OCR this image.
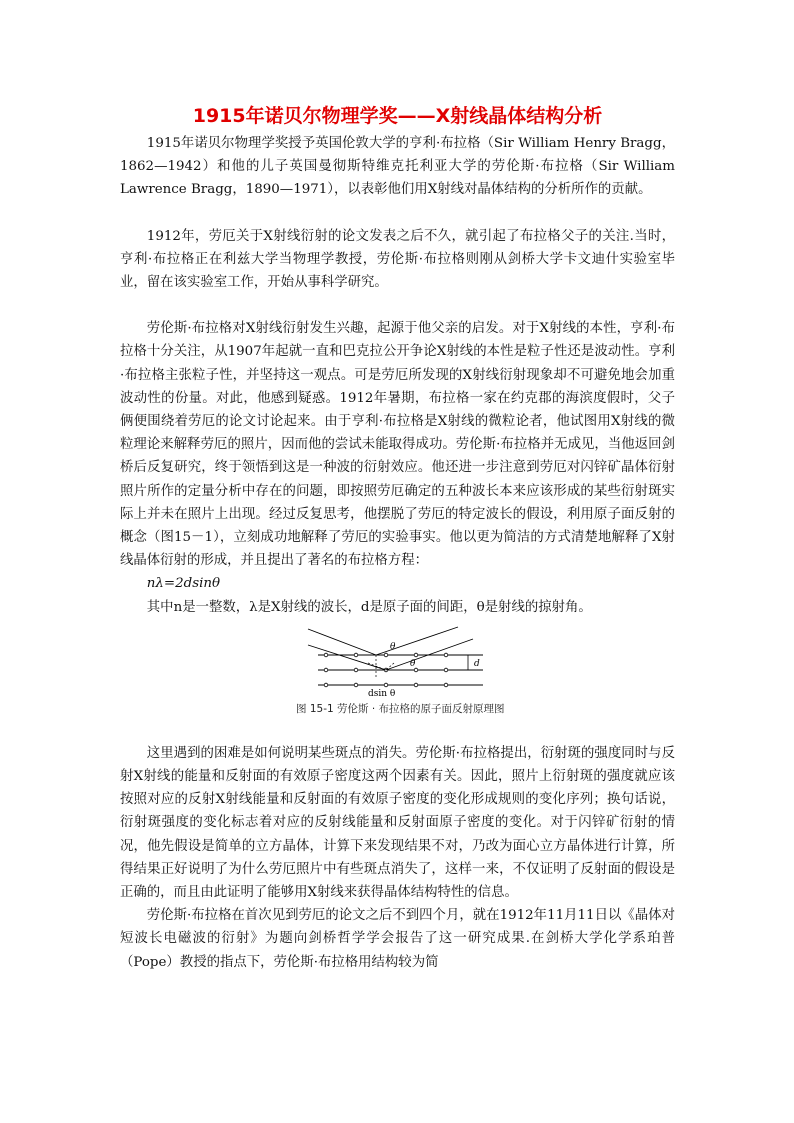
1915年诺贝尔物理学奖——X射线晶体结构分析

1915年诺贝尔物理学奖授予英国伦敦大学的亨利·布拉格（Sir William Henry Bragg，1862—1942）和他的儿子英国曼彻斯特维克托利亚大学的劳伦斯·布拉格（Sir William Lawrence Bragg，1890—1971），以表彰他们用X射线对晶体结构的分析所作的贡献。

1912年，劳厄关于X射线衍射的论文发表之后不久，就引起了布拉格父子的关注.当时，亨利·布拉格正在利兹大学当物理学教授，劳伦斯·布拉格则刚从剑桥大学卡文迪什实验室毕业，留在该实验室工作，开始从事科学研究。

劳伦斯·布拉格对X射线衍射发生兴趣，起源于他父亲的启发。对于X射线的本性，亨利·布拉格十分关注，从1907年起就一直和巴克拉公开争论X射线的本性是粒子性还是波动性。亨利·布拉格主张粒子性，并坚持这一观点。可是劳厄所发现的X射线衍射现象却不可避免地会加重波动性的份量。对此，他感到疑惑。1912年暑期，布拉格一家在约克郡的海滨度假时，父子俩便围绕着劳厄的论文讨论起来。由于亨利·布拉格是X射线的微粒论者，他试图用X射线的微粒理论来解释劳厄的照片，因而他的尝试未能取得成功。劳伦斯·布拉格并无成见，当他返回剑桥后反复研究，终于领悟到这是一种波的衍射效应。他还进一步注意到劳厄对闪锌矿晶体衍射照片所作的定量分析中存在的问题，即按照劳厄确定的五种波长本来应该形成的某些衍射斑实际上并未在照片上出现。经过反复思考，他摆脱了劳厄的特定波长的假设，利用原子面反射的概念（图15－1），立刻成功地解释了劳厄的实验事实。他以更为简洁的方式清楚地解释了X射线晶体衍射的形成，并且提出了著名的布拉格方程：

nλ=2dsinθ

其中n是一整数，λ是X射线的波长，d是原子面的间距，θ是射线的掠射角。

θ
θ	d
dsin θ
图 15-1 劳伦斯 · 布拉格的原子面反射原理图

这里遇到的困难是如何说明某些斑点的消失。劳伦斯·布拉格提出，衍射斑的强度同时与反射X射线的能量和反射面的有效原子密度这两个因素有关。因此，照片上衍射斑的强度就应该按照对应的反射X射线能量和反射面的有效原子密度的变化形成规则的变化序列；换句话说，衍射斑强度的变化标志着对应的反射线能量和反射面原子密度的变化。对于闪锌矿衍射的情况，他先假设是简单的立方晶体，计算下来发现结果不对，乃改为面心立方晶体进行计算，所得结果正好说明了为什么劳厄照片中有些斑点消失了，这样一来，不仅证明了反射面的假设是正确的，而且由此证明了能够用X射线来获得晶体结构特性的信息。

劳伦斯·布拉格在首次见到劳厄的论文之后不到四个月，就在1912年11月11日以《晶体对短波长电磁波的衍射》为题向剑桥哲学学会报告了这一研究成果.在剑桥大学化学系珀普（Pope）教授的指点下，劳伦斯·布拉格用结构较为简
